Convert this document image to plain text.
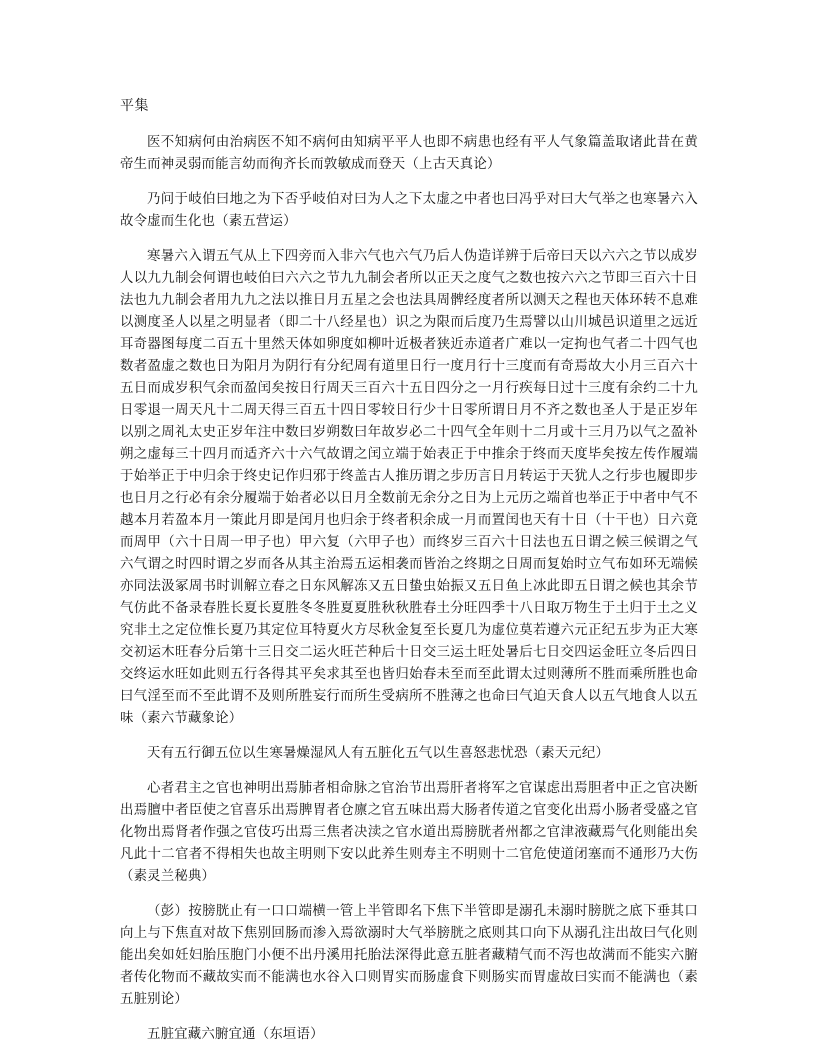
平集

医不知病何由治病医不知不病何由知病平平人也即不病患也经有平人气象篇盖取诸此昔在黄帝生而神灵弱而能言幼而徇齐长而敦敏成而登天（上古天真论）

乃问于岐伯曰地之为下否乎岐伯对曰为人之下太虚之中者也曰冯乎对曰大气举之也寒暑六入故令虚而生化也（素五营运）

寒暑六入谓五气从上下四旁而入非六气也六气乃后人伪造详辨于后帝曰天以六六之节以成岁人以九九制会何谓也岐伯曰六六之节九九制会者所以正天之度气之数也按六六之节即三百六十日法也九九制会者用九九之法以推日月五星之会也法具周髀经度者所以测天之程也天体环转不息难以测度圣人以星之明显者（即二十八经星也）识之为限而后度乃生焉譬以山川城邑识道里之远近耳奇器图每度二百五十里然天体如卵度如柳叶近极者狭近赤道者广难以一定拘也气者二十四气也数者盈虚之数也日为阳月为阴行有分纪周有道里日行一度月行十三度而有奇焉故大小月三百六十五日而成岁积气余而盈闰矣按日行周天三百六十五日四分之一月行疾每日过十三度有余约二十九日零退一周天凡十二周天得三百五十四日零较日行少十日零所谓日月不齐之数也圣人于是正岁年以别之周礼太史正岁年注中数曰岁朔数曰年故岁必二十四气全年则十二月或十三月乃以气之盈补朔之虚每三十四月而适齐六十六气故谓之闰立端于始表正于中推余于终而天度毕矣按左传作履端于始举正于中归余于终史记作归邪于终盖古人推历谓之步历言日月转运于天犹人之行步也履即步也日月之行必有余分履端于始者必以日月全数前无余分之日为上元历之端首也举正于中者中气不越本月若盈本月一策此月即是闰月也归余于终者积余成一月而置闰也天有十日（十干也）日六竟而周甲（六十日周一甲子也）甲六复（六甲子也）而终岁三百六十日法也五日谓之候三候谓之气六气谓之时四时谓之岁而各从其主治焉五运相袭而皆治之终期之日周而复始时立气布如环无端候亦同法汲冢周书时训解立春之日东风解冻又五日蛰虫始振又五日鱼上冰此即五日谓之候也其余节气仿此不备录春胜长夏长夏胜冬冬胜夏夏胜秋秋胜春土分旺四季十八日取万物生于土归于土之义究非土之定位惟长夏乃其定位耳特夏火方尽秋金复至长夏几为虚位莫若遵六元正纪五步为正大寒交初运木旺春分后第十三日交二运火旺芒种后十日交三运土旺处暑后七日交四运金旺立冬后四日交终运水旺如此则五行各得其平矣求其至也皆归始春未至而至此谓太过则薄所不胜而乘所胜也命曰气淫至而不至此谓不及则所胜妄行而所生受病所不胜薄之也命曰气迫天食人以五气地食人以五味（素六节藏象论）

天有五行御五位以生寒暑燥湿风人有五脏化五气以生喜怒悲忧恐（素天元纪）

心者君主之官也神明出焉肺者相命脉之官治节出焉肝者将军之官谋虑出焉胆者中正之官决断出焉膻中者臣使之官喜乐出焉脾胃者仓廪之官五味出焉大肠者传道之官变化出焉小肠者受盛之官化物出焉肾者作强之官伎巧出焉三焦者决渎之官水道出焉膀胱者州都之官津液藏焉气化则能出矣凡此十二官者不得相失也故主明则下安以此养生则寿主不明则十二官危使道闭塞而不通形乃大伤（素灵兰秘典）

（彭）按膀胱止有一口口端横一管上半管即名下焦下半管即是溺孔未溺时膀胱之底下垂其口向上与下焦直对故下焦别回肠而渗入焉欲溺时大气举膀胱之底则其口向下从溺孔注出故曰气化则能出矣如妊妇胎压胞门小便不出丹溪用托胎法深得此意五脏者藏精气而不泻也故满而不能实六腑者传化物而不藏故实而不能满也水谷入口则胃实而肠虚食下则肠实而胃虚故曰实而不能满也（素五脏别论）

五脏宜藏六腑宜通（东垣语）
